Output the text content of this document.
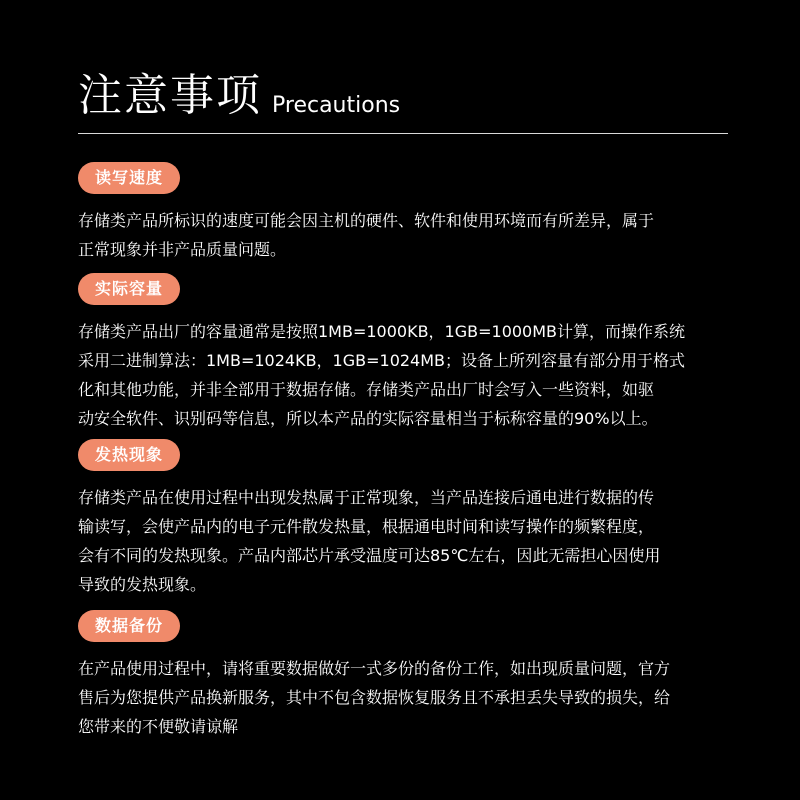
注意事项 Precautions
读写速度
存储类产品所标识的速度可能会因主机的硬件、软件和使用环境而有所差异，属于
正常现象并非产品质量问题。
实际容量
存储类产品出厂的容量通常是按照1MB=1000KB，1GB=1000MB计算，而操作系统
采用二进制算法：1MB=1024KB，1GB=1024MB；设备上所列容量有部分用于格式
化和其他功能，并非全部用于数据存储。存储类产品出厂时会写入一些资料，如驱
动安全软件、识别码等信息，所以本产品的实际容量相当于标称容量的90%以上。
发热现象
存储类产品在使用过程中出现发热属于正常现象，当产品连接后通电进行数据的传
输读写，会使产品内的电子元件散发热量，根据通电时间和读写操作的频繁程度，
会有不同的发热现象。产品内部芯片承受温度可达85℃左右，因此无需担心因使用
导致的发热现象。
数据备份
在产品使用过程中，请将重要数据做好一式多份的备份工作，如出现质量问题，官方
售后为您提供产品换新服务，其中不包含数据恢复服务且不承担丢失导致的损失，给
您带来的不便敬请谅解
